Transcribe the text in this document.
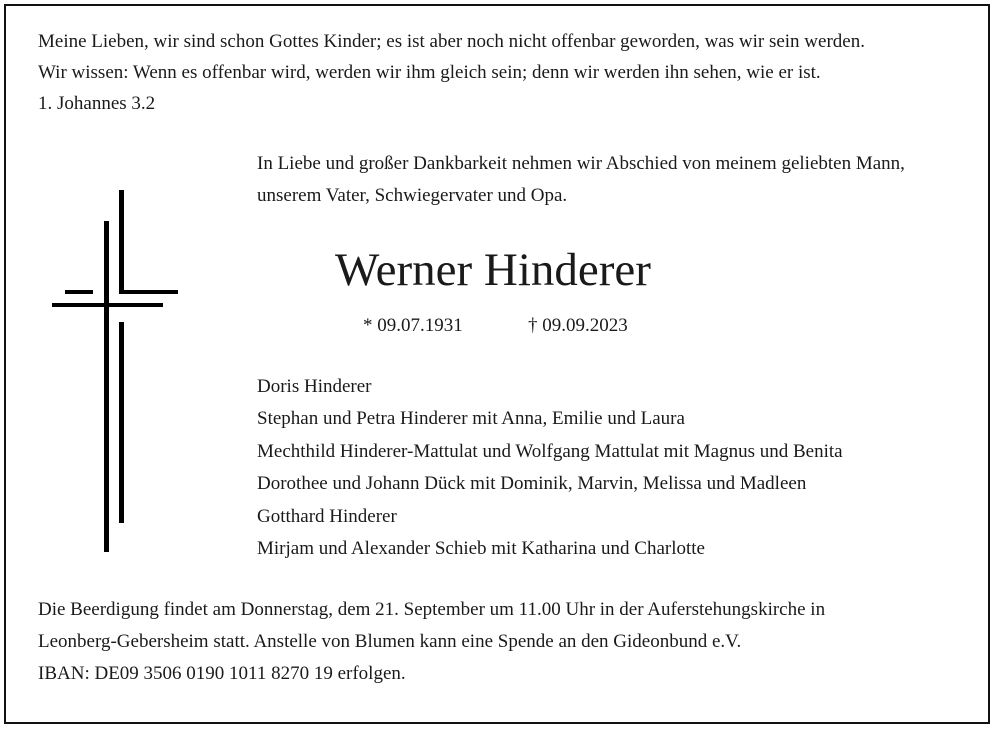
Meine Lieben, wir sind schon Gottes Kinder; es ist aber noch nicht offenbar geworden, was wir sein werden.
Wir wissen: Wenn es offenbar wird, werden wir ihm gleich sein; denn wir werden ihn sehen, wie er ist.
1. Johannes 3.2
In Liebe und großer Dankbarkeit nehmen wir Abschied von meinem geliebten Mann,
unserem Vater, Schwiegervater und Opa.
Werner Hinderer
* 09.07.1931	† 09.09.2023
Doris Hinderer
Stephan und Petra Hinderer mit Anna, Emilie und Laura
Mechthild Hinderer-Mattulat und Wolfgang Mattulat mit Magnus und Benita
Dorothee und Johann Dück mit Dominik, Marvin, Melissa und Madleen
Gotthard Hinderer
Mirjam und Alexander Schieb mit Katharina und Charlotte
Die Beerdigung findet am Donnerstag, dem 21. September um 11.00 Uhr in der Auferstehungskirche in
Leonberg-Gebersheim statt. Anstelle von Blumen kann eine Spende an den Gideonbund e.V.
IBAN: DE09 3506 0190 1011 8270 19 erfolgen.
